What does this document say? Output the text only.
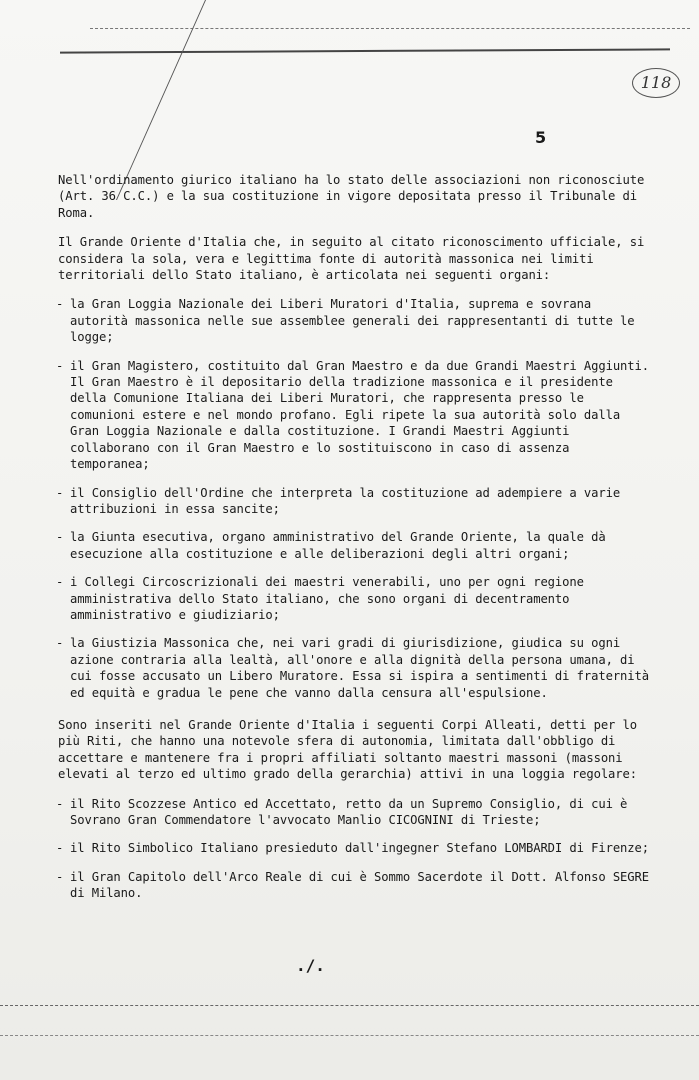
118
5

Nell'ordinamento giurico italiano ha lo stato delle associazioni non riconosciute (Art. 36 C.C.) e la sua costituzione in vigore depositata presso il Tribunale di Roma.

Il Grande Oriente d'Italia che, in seguito al citato riconoscimento ufficiale, si considera la sola, vera e legittima fonte di autorità massonica nei limiti territoriali dello Stato italiano, è articolata nei seguenti organi:

- la Gran Loggia Nazionale dei Liberi Muratori d'Italia, suprema e sovrana autorità massonica nelle sue assemblee generali dei rappresentanti di tutte le logge;
- il Gran Magistero, costituito dal Gran Maestro e da due Grandi Maestri Aggiunti. Il Gran Maestro è il depositario della tradizione massonica e il presidente della Comunione Italiana dei Liberi Muratori, che rappresenta presso le comunioni estere e nel mondo profano. Egli ripete la sua autorità solo dalla Gran Loggia Nazionale e dalla costituzione. I Grandi Maestri Aggiunti collaborano con il Gran Maestro e lo sostituiscono in caso di assenza temporanea;
- il Consiglio dell'Ordine che interpreta la costituzione ad adempiere a varie attribuzioni in essa sancite;
- la Giunta esecutiva, organo amministrativo del Grande Oriente, la quale dà esecuzione alla costituzione e alle deliberazioni degli altri organi;
- i Collegi Circoscrizionali dei maestri venerabili, uno per ogni regione amministrativa dello Stato italiano, che sono organi di decentramento amministrativo e giudiziario;
- la Giustizia Massonica che, nei vari gradi di giurisdizione, giudica su ogni azione contraria alla lealtà, all'onore e alla dignità della persona umana, di cui fosse accusato un Libero Muratore. Essa si ispira a sentimenti di fraternità ed equità e gradua le pene che vanno dalla censura all'espulsione.

Sono inseriti nel Grande Oriente d'Italia i seguenti Corpi Alleati, detti per lo più Riti, che hanno una notevole sfera di autonomia, limitata dall'obbligo di accettare e mantenere fra i propri affiliati soltanto maestri massoni (massoni elevati al terzo ed ultimo grado della gerarchia) attivi in una loggia regolare:

- il Rito Scozzese Antico ed Accettato, retto da un Supremo Consiglio, di cui è Sovrano Gran Commendatore l'avvocato Manlio CICOGNINI di Trieste;
- il Rito Simbolico Italiano presieduto dall'ingegner Stefano LOMBARDI di Firenze;
- il Gran Capitolo dell'Arco Reale di cui è Sommo Sacerdote il Dott. Alfonso SEGRE di Milano.
./.
